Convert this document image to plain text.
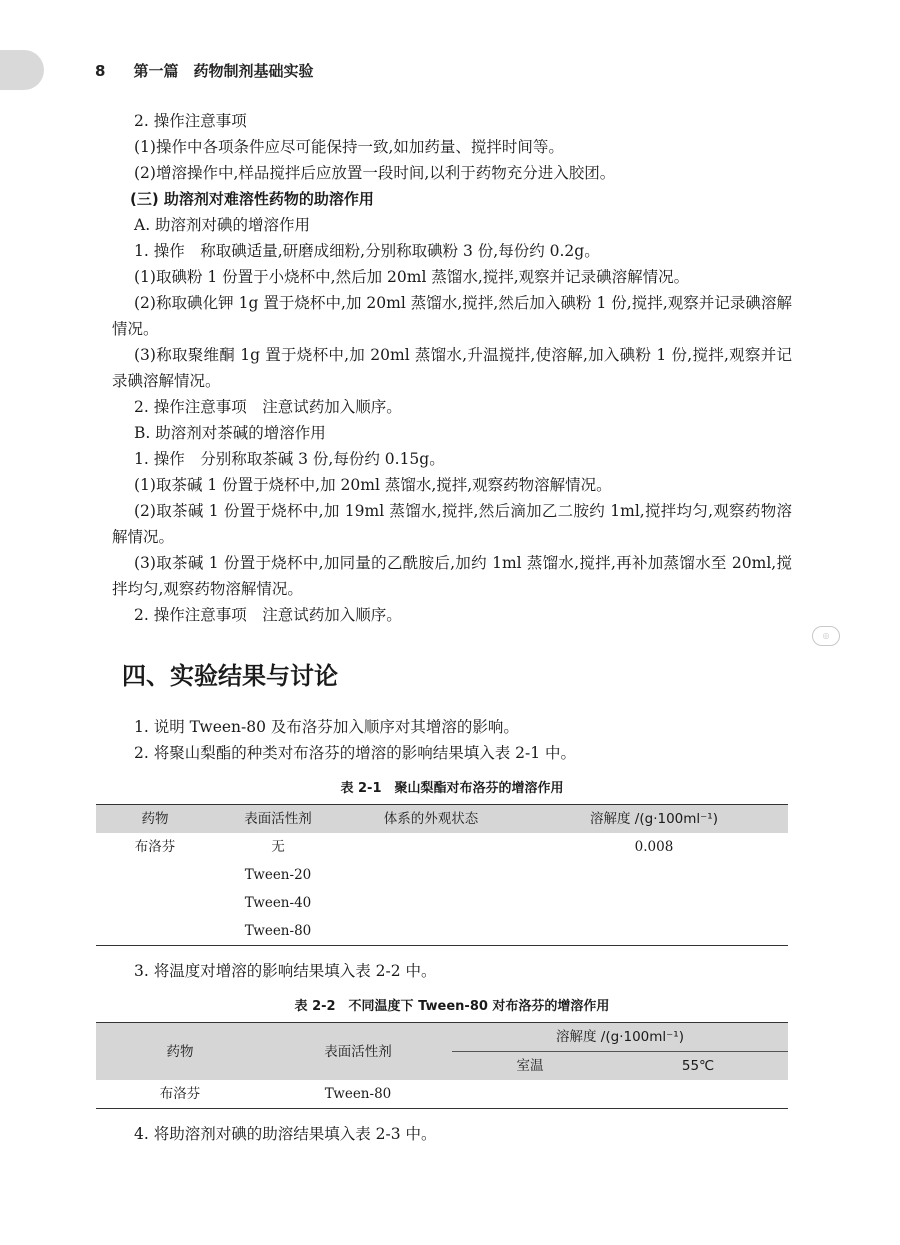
8 第一篇　药物制剂基础实验
◎

2. 操作注意事项

(1)操作中各项条件应尽可能保持一致,如加药量、搅拌时间等。

(2)增溶操作中,样品搅拌后应放置一段时间,以利于药物充分进入胶团。

(三) 助溶剂对难溶性药物的助溶作用

A. 助溶剂对碘的增溶作用

1. 操作　称取碘适量,研磨成细粉,分别称取碘粉 3 份,每份约 0.2g。

(1)取碘粉 1 份置于小烧杯中,然后加 20ml 蒸馏水,搅拌,观察并记录碘溶解情况。

(2)称取碘化钾 1g 置于烧杯中,加 20ml 蒸馏水,搅拌,然后加入碘粉 1 份,搅拌,观察并记录碘溶解情况。

(3)称取聚维酮 1g 置于烧杯中,加 20ml 蒸馏水,升温搅拌,使溶解,加入碘粉 1 份,搅拌,观察并记录碘溶解情况。

2. 操作注意事项　注意试药加入顺序。

B. 助溶剂对茶碱的增溶作用

1. 操作　分别称取茶碱 3 份,每份约 0.15g。

(1)取茶碱 1 份置于烧杯中,加 20ml 蒸馏水,搅拌,观察药物溶解情况。

(2)取茶碱 1 份置于烧杯中,加 19ml 蒸馏水,搅拌,然后滴加乙二胺约 1ml,搅拌均匀,观察药物溶解情况。

(3)取茶碱 1 份置于烧杯中,加同量的乙酰胺后,加约 1ml 蒸馏水,搅拌,再补加蒸馏水至 20ml,搅拌均匀,观察药物溶解情况。

2. 操作注意事项　注意试药加入顺序。

四、实验结果与讨论

1. 说明 Tween-80 及布洛芬加入顺序对其增溶的影响。

2. 将聚山梨酯的种类对布洛芬的增溶的影响结果填入表 2-1 中。

表 2-1　聚山梨酯对布洛芬的增溶作用
药物	表面活性剂	体系的外观状态	溶解度 /(g·100ml⁻¹)
布洛芬	无		0.008
	Tween-20		
	Tween-40		
	Tween-80		

3. 将温度对增溶的影响结果填入表 2-2 中。

表 2-2　不同温度下 Tween-80 对布洛芬的增溶作用
药物	表面活性剂	溶解度 /(g·100ml⁻¹)	
		室温	55℃
布洛芬	Tween-80		

4. 将助溶剂对碘的助溶结果填入表 2-3 中。
